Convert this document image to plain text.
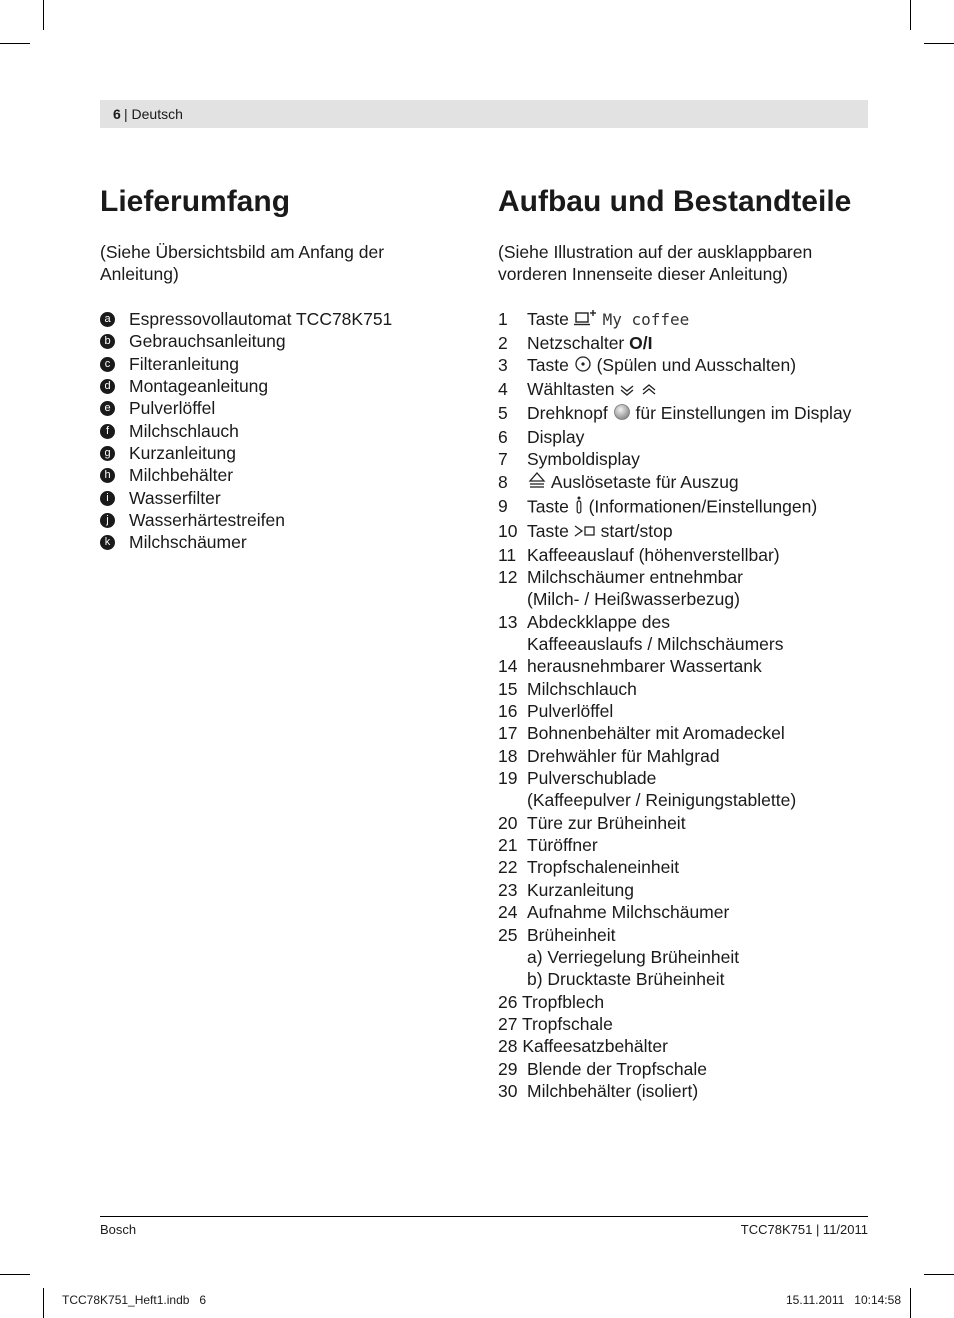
6 | Deutsch
Lieferumfang

(Siehe Übersichtsbild am Anfang der Anleitung)

a Espressovollautomat TCC78K751
b Gebrauchsanleitung
c Filteranleitung
d Montageanleitung
e Pulverlöffel
f	Milchschlauch
g Kurzanleitung
h Milchbehälter
i	Wasserfilter
j	Wasserhärtestreifen
k Milchschäumer
Aufbau und Bestandteile

(Siehe Illustration auf der ausklappbaren vorderen Innenseite dieser Anleitung)

1 Taste My coffee
2 Netzschalter O/I
3 Taste (Spülen und Ausschalten)
4 Wähltasten
5 Drehknopf für Einstellungen im Display
6 Display
7 Symboldisplay
8 Auslösetaste für Auszug
9 Taste (Informationen/Einstellungen)
10 Taste start/stop
11 Kaffeeauslauf (höhenverstellbar)
12 Milchschäumer entnehmbar
(Milch- / Heißwasserbezug)
13 Abdeckklappe des
Kaffeeauslaufs / Milchschäumers
14 herausnehmbarer Wassertank
15 Milchschlauch
16 Pulverlöffel
17 Bohnenbehälter mit Aromadeckel
18 Drehwähler für Mahlgrad
19 Pulverschublade
(Kaffeepulver / Reinigungstablette)
20 Türe zur Brüheinheit
21 Türöffner
22 Tropfschaleneinheit
23 Kurzanleitung
24 Aufnahme Milchschäumer
25 Brüheinheit
a) Verriegelung Brüheinheit
b) Drucktaste Brüheinheit
26 Tropfblech
27 Tropfschale
28 Kaffeesatzbehälter
29 Blende der Tropfschale
30 Milchbehälter (isoliert)
Bosch	TCC78K751 | 11/2011
TCC78K751_Heft1.indb   6	15.11.2011   10:14:58
